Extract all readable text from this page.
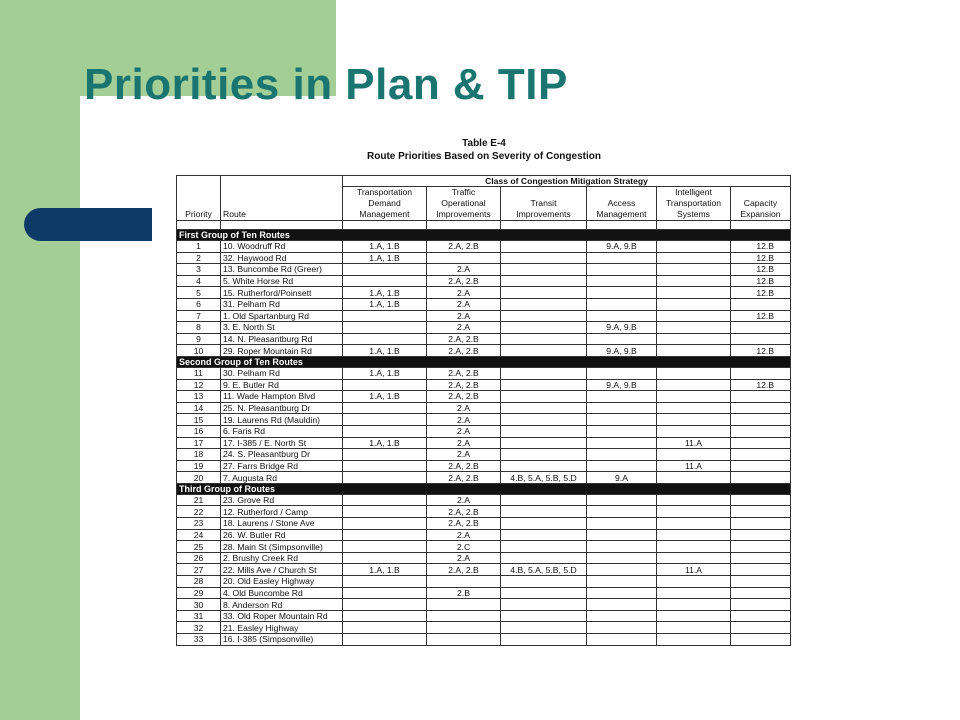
Priorities in Plan & TIP
Table E-4
Route Priorities Based on Severity of Congestion
Priority	Route	Class of Congestion Mitigation Strategy					
		Transportation Demand Management	Traffic Operational Improvements	Transit Improvements	Access Management	Intelligent Transportation Systems	Capacity Expansion

First Group of Ten Routes							
1	10. Woodruff Rd	1.A, 1.B	2.A, 2.B		9.A, 9.B		12.B
2	32. Haywood Rd	1.A, 1.B					12.B
3	13. Buncombe Rd (Greer)		2.A				12.B
4	5. White Horse Rd		2.A, 2.B				12.B
5	15. Rutherford/Poinsett	1.A, 1.B	2.A				12.B
6	31. Pelham Rd	1.A, 1.B	2.A				
7	1. Old Spartanburg Rd		2.A				12.B
8	3. E. North St		2.A		9.A, 9.B		
9	14. N. Pleasantburg Rd		2.A, 2.B				
10	29. Roper Mountain Rd	1.A, 1.B	2.A, 2.B		9.A, 9.B		12.B
Second Group of Ten Routes							
11	30. Pelham Rd	1.A, 1.B	2.A, 2.B				
12	9. E. Butler Rd		2.A, 2.B		9.A, 9.B		12.B
13	11. Wade Hampton Blvd	1.A, 1.B	2.A, 2.B				
14	25. N. Pleasantburg Dr		2.A				
15	19. Laurens Rd (Mauldin)		2.A				
16	6. Faris Rd		2.A				
17	17. I-385 / E. North St	1.A, 1.B	2.A			11.A	
18	24. S. Pleasantburg Dr		2.A				
19	27. Farrs Bridge Rd		2.A, 2.B			11.A	
20	7. Augusta Rd		2.A, 2.B	4.B, 5.A, 5.B, 5.D	9.A		
Third Group of Routes							
21	23. Grove Rd		2.A				
22	12. Rutherford / Camp		2.A, 2.B				
23	18. Laurens / Stone Ave		2.A, 2.B				
24	26. W. Butler Rd		2.A				
25	28. Main St (Simpsonville)		2.C				
26	2. Brushy Creek Rd		2.A				
27	22. Mills Ave / Church St	1.A, 1.B	2.A, 2.B	4.B, 5.A, 5.B, 5.D		11.A	
28	20. Old Easley Highway						
29	4. Old Buncombe Rd		2.B				
30	8. Anderson Rd						
31	33. Old Roper Mountain Rd						
32	21. Easley Highway						
33	16. I-385 (Simpsonville)						
